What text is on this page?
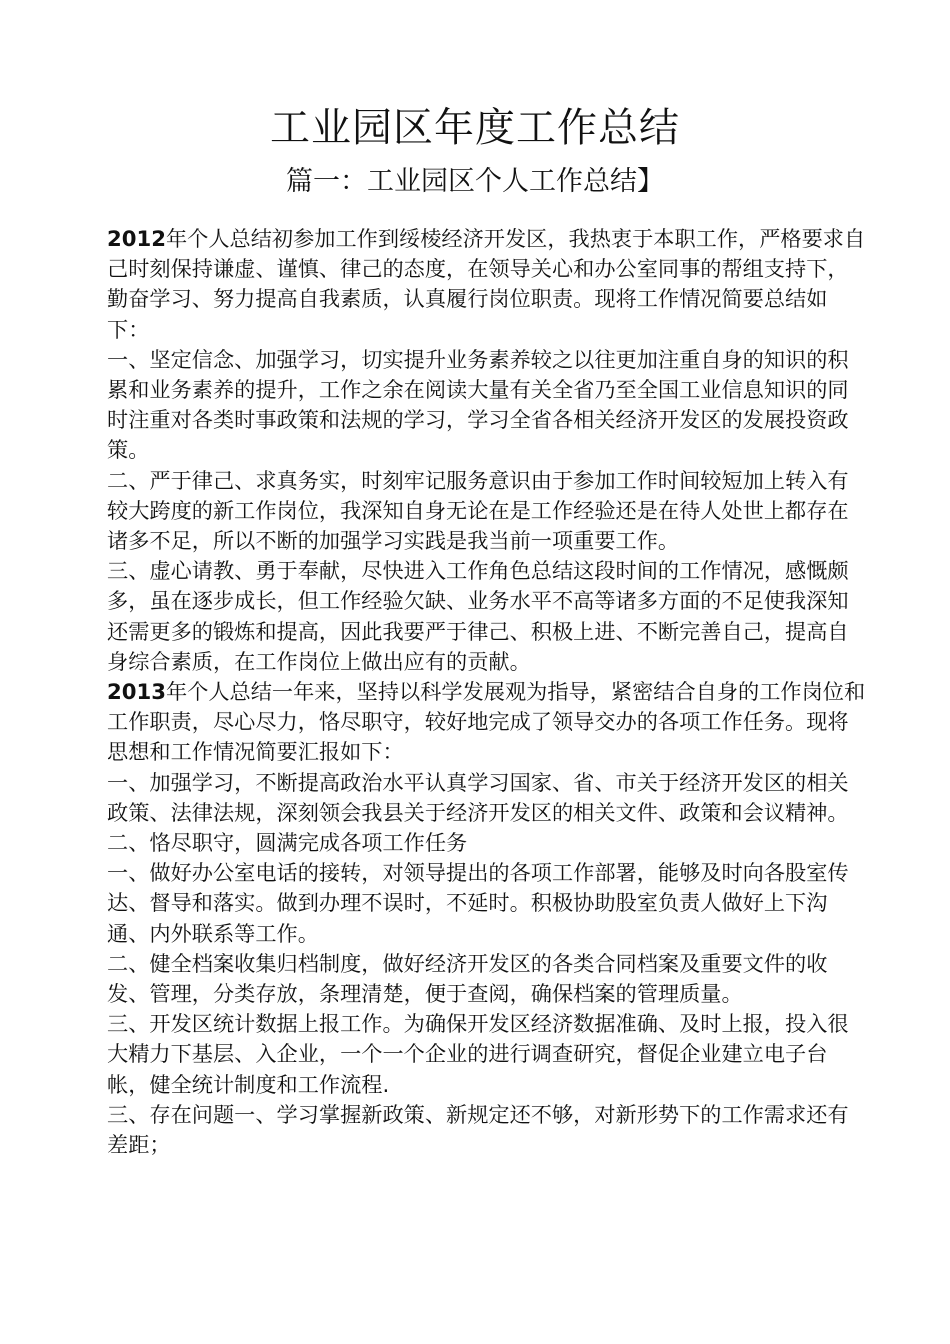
工业园区年度工作总结
篇一：工业园区个人工作总结】

2012年个人总结初参加工作到绥棱经济开发区，我热衷于本职工作，严格要求自己时刻保持谦虚、谨慎、律己的态度，在领导关心和办公室同事的帮组支持下，勤奋学习、努力提高自我素质，认真履行岗位职责。现将工作情况简要总结如下：

一、坚定信念、加强学习，切实提升业务素养较之以往更加注重自身的知识的积累和业务素养的提升，工作之余在阅读大量有关全省乃至全国工业信息知识的同时注重对各类时事政策和法规的学习，学习全省各相关经济开发区的发展投资政策。

二、严于律己、求真务实，时刻牢记服务意识由于参加工作时间较短加上转入有较大跨度的新工作岗位，我深知自身无论在是工作经验还是在待人处世上都存在诸多不足，所以不断的加强学习实践是我当前一项重要工作。

三、虚心请教、勇于奉献，尽快进入工作角色总结这段时间的工作情况，感慨颇多，虽在逐步成长，但工作经验欠缺、业务水平不高等诸多方面的不足使我深知还需更多的锻炼和提高，因此我要严于律己、积极上进、不断完善自己，提高自身综合素质，在工作岗位上做出应有的贡献。

2013年个人总结一年来，坚持以科学发展观为指导，紧密结合自身的工作岗位和工作职责，尽心尽力，恪尽职守，较好地完成了领导交办的各项工作任务。现将思想和工作情况简要汇报如下：

一、加强学习，不断提高政治水平认真学习国家、省、市关于经济开发区的相关政策、法律法规，深刻领会我县关于经济开发区的相关文件、政策和会议精神。

二、恪尽职守，圆满完成各项工作任务

一、做好办公室电话的接转，对领导提出的各项工作部署，能够及时向各股室传达、督导和落实。做到办理不误时，不延时。积极协助股室负责人做好上下沟通、内外联系等工作。

二、健全档案收集归档制度，做好经济开发区的各类合同档案及重要文件的收发、管理，分类存放，条理清楚，便于查阅，确保档案的管理质量。

三、开发区统计数据上报工作。为确保开发区经济数据准确、及时上报，投入很大精力下基层、入企业，一个一个企业的进行调查研究，督促企业建立电子台帐，健全统计制度和工作流程.

三、存在问题一、学习掌握新政策、新规定还不够，对新形势下的工作需求还有差距；
